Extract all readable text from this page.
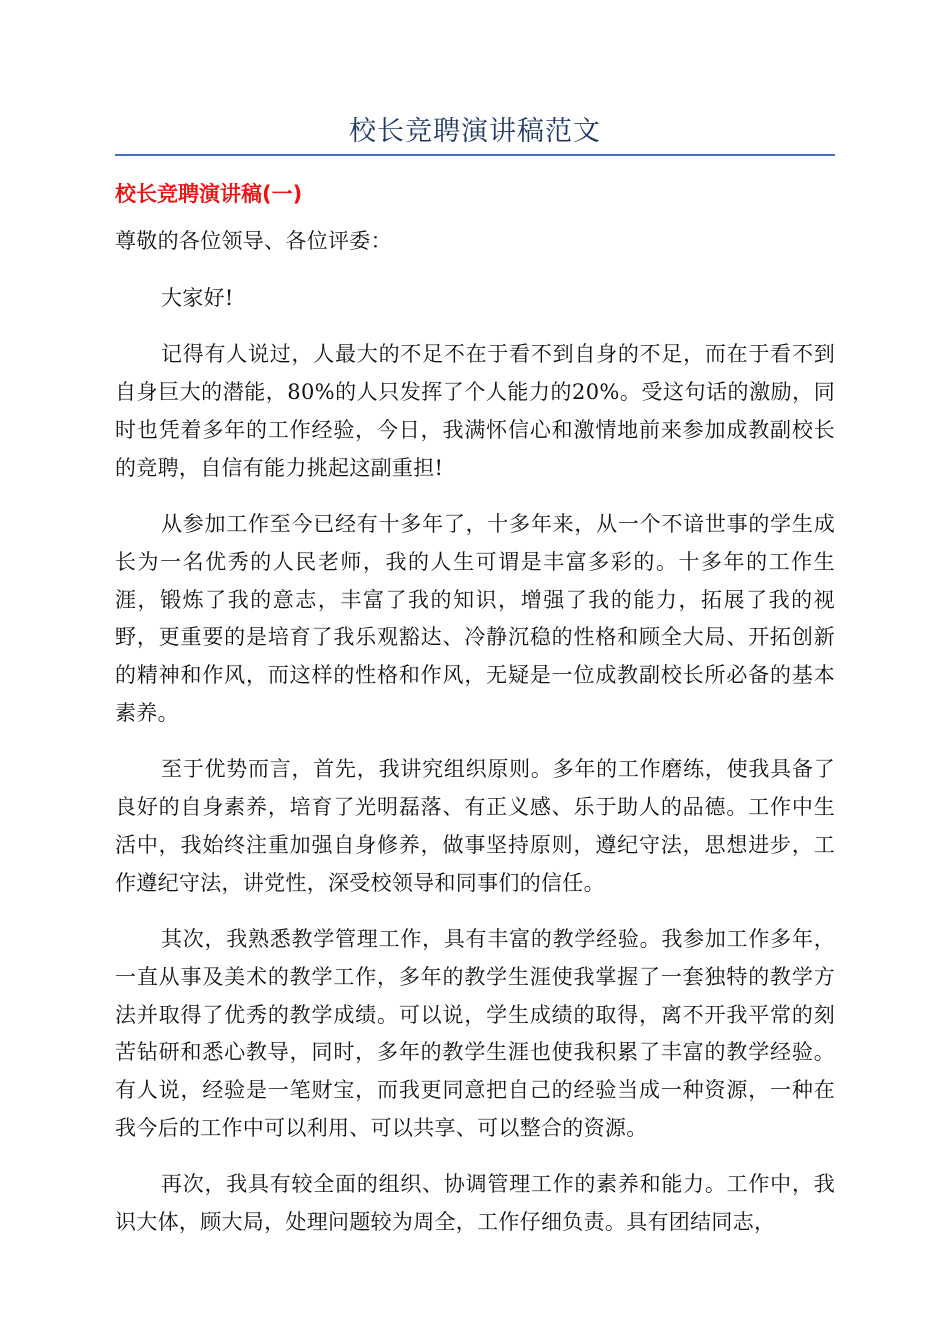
校长竞聘演讲稿范文
校长竞聘演讲稿(一)

尊敬的各位领导、各位评委：

大家好!

记得有人说过，人最大的不足不在于看不到自身的不足，而在于看不到自身巨大的潜能，80%的人只发挥了个人能力的20%。受这句话的激励，同时也凭着多年的工作经验，今日，我满怀信心和激情地前来参加成教副校长的竞聘，自信有能力挑起这副重担!

从参加工作至今已经有十多年了，十多年来，从一个不谙世事的学生成长为一名优秀的人民老师，我的人生可谓是丰富多彩的。十多年的工作生涯，锻炼了我的意志，丰富了我的知识，增强了我的能力，拓展了我的视野，更重要的是培育了我乐观豁达、冷静沉稳的性格和顾全大局、开拓创新的精神和作风，而这样的性格和作风，无疑是一位成教副校长所必备的基本素养。

至于优势而言，首先，我讲究组织原则。多年的工作磨练，使我具备了良好的自身素养，培育了光明磊落、有正义感、乐于助人的品德。工作中生活中，我始终注重加强自身修养，做事坚持原则，遵纪守法，思想进步，工作遵纪守法，讲党性，深受校领导和同事们的信任。

其次，我熟悉教学管理工作，具有丰富的教学经验。我参加工作多年，一直从事及美术的教学工作，多年的教学生涯使我掌握了一套独特的教学方法并取得了优秀的教学成绩。可以说，学生成绩的取得，离不开我平常的刻苦钻研和悉心教导，同时，多年的教学生涯也使我积累了丰富的教学经验。有人说，经验是一笔财宝，而我更同意把自己的经验当成一种资源，一种在我今后的工作中可以利用、可以共享、可以整合的资源。

再次，我具有较全面的组织、协调管理工作的素养和能力。工作中，我识大体，顾大局，处理问题较为周全，工作仔细负责。具有团结同志，
